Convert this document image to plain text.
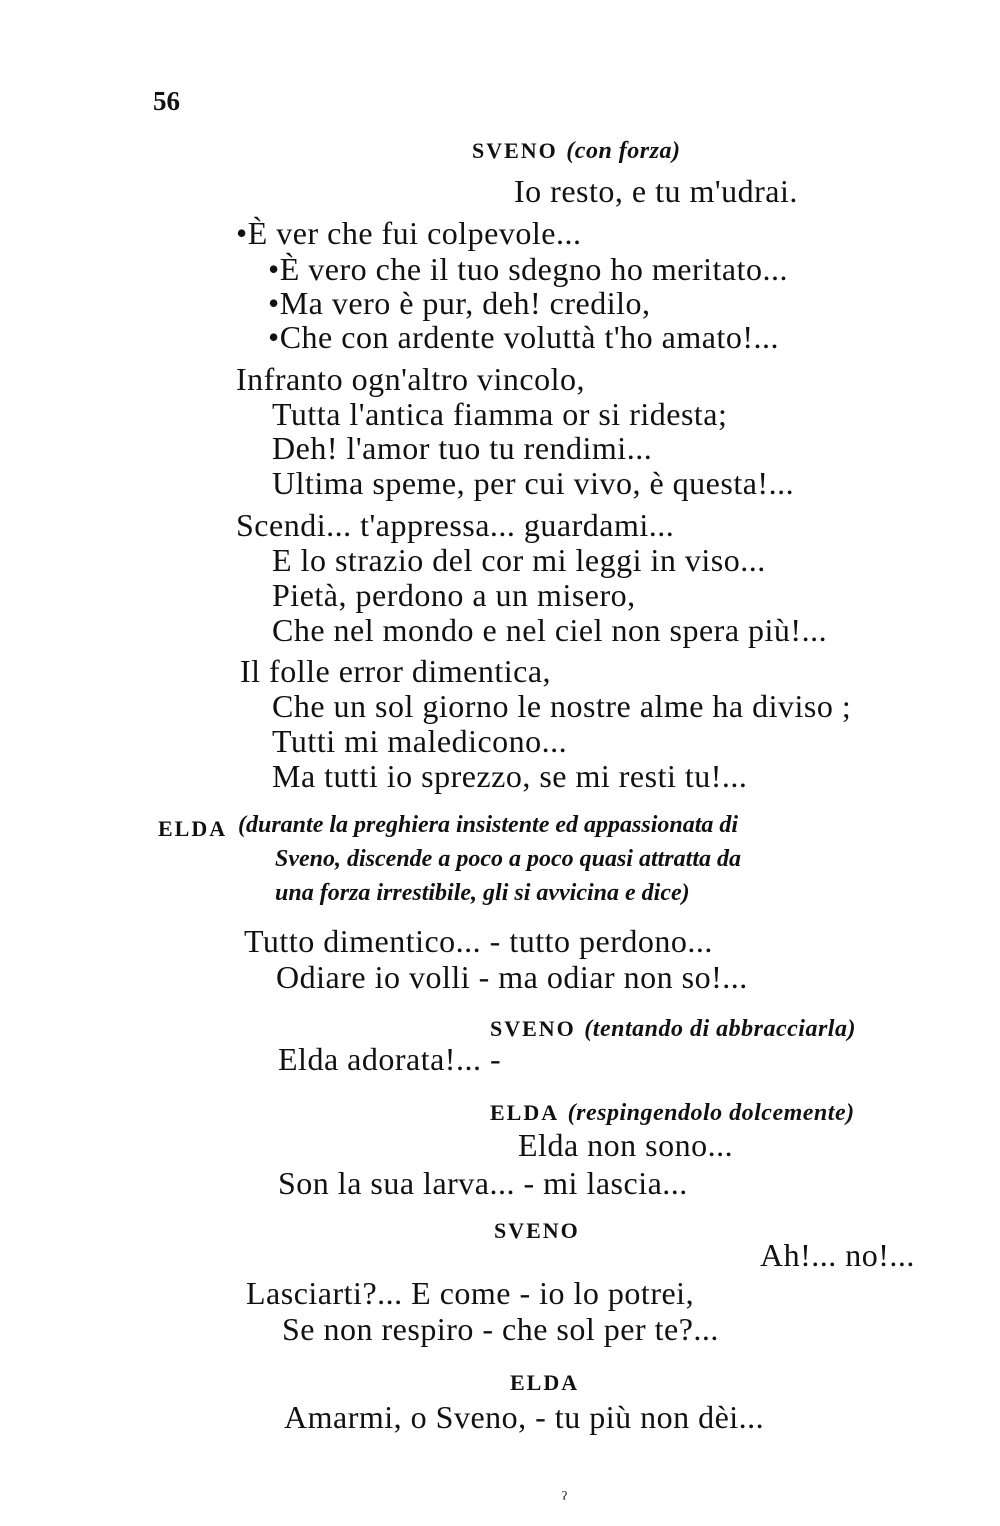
56
SVENO (con forza)
Io resto, e tu m'udrai.
•È ver che fui colpevole...
•È vero che il tuo sdegno ho meritato...
•Ma vero è pur, deh! credilo,
•Che con ardente voluttà t'ho amato!...
Infranto ogn'altro vincolo,
Tutta l'antica fiamma or si ridesta;
Deh! l'amor tuo tu rendimi...
Ultima speme, per cui vivo, è questa!...
Scendi... t'appressa... guardami...
E lo strazio del cor mi leggi in viso...
Pietà, perdono a un misero,
Che nel mondo e nel ciel non spera più!...
Il folle error dimentica,
Che un sol giorno le nostre alme ha diviso ;
Tutti mi maledicono...
Ma tutti io sprezzo, se mi resti tu!...
ELDA (durante la preghiera insistente ed appassionata di
Sveno, discende a poco a poco quasi attratta da
una forza irrestibile, gli si avvicina e dice)
Tutto dimentico... - tutto perdono...
Odiare io volli - ma odiar non so!...
SVENO (tentando di abbracciarla)
Elda adorata!... -
ELDA (respingendolo dolcemente)
Elda non sono...
Son la sua larva... - mi lascia...
SVENO
Ah!... no!...
Lasciarti?... E come - io lo potrei,
Se non respiro - che sol per te?...
ELDA
Amarmi, o Sveno, - tu più non dèi...
ˀ
